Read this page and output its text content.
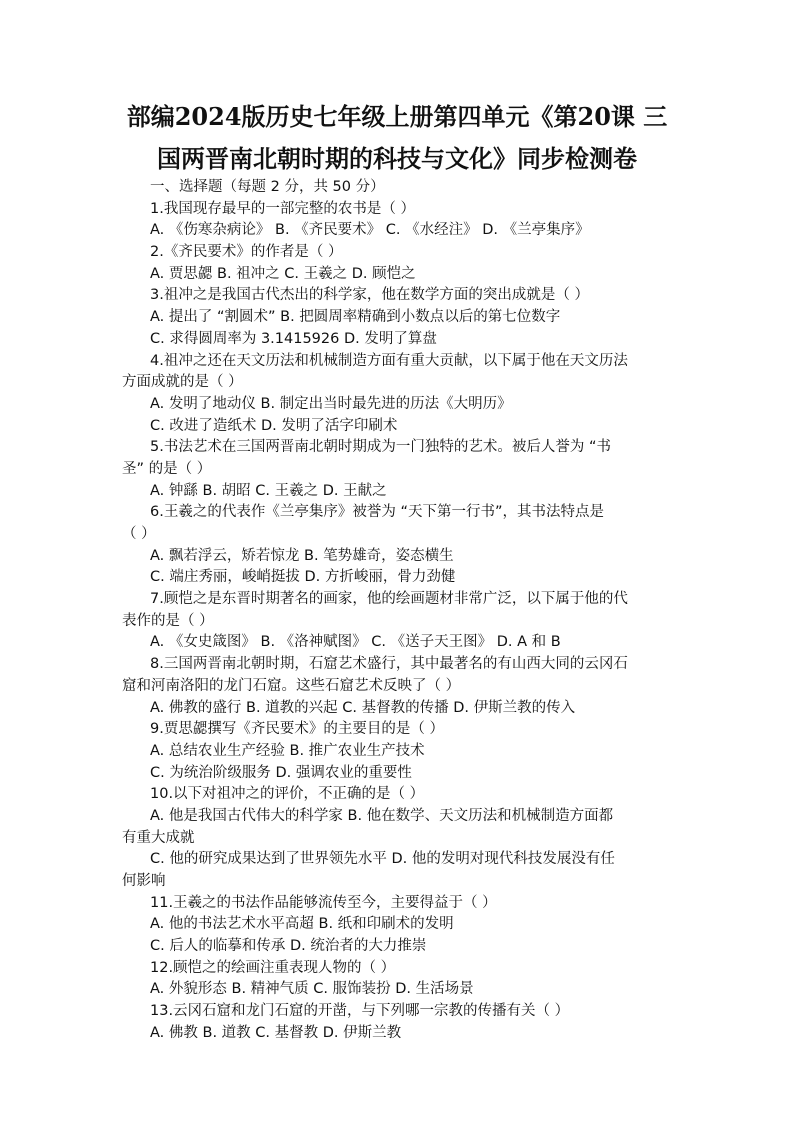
部编2024版历史七年级上册第四单元《第20课 三
国两晋南北朝时期的科技与文化》同步检测卷
一、选择题（每题 2 分，共 50 分）
1.我国现存最早的一部完整的农书是（ ）
A. 《伤寒杂病论》 B. 《齐民要术》 C. 《水经注》 D. 《兰亭集序》
2.《齐民要术》的作者是（ ）
A. 贾思勰 B. 祖冲之 C. 王羲之 D. 顾恺之
3.祖冲之是我国古代杰出的科学家，他在数学方面的突出成就是（ ）
A. 提出了 “割圆术” B. 把圆周率精确到小数点以后的第七位数字
C. 求得圆周率为 3.1415926 D. 发明了算盘
4.祖冲之还在天文历法和机械制造方面有重大贡献，以下属于他在天文历法
方面成就的是（ ）
A. 发明了地动仪 B. 制定出当时最先进的历法《大明历》
C. 改进了造纸术 D. 发明了活字印刷术
5.书法艺术在三国两晋南北朝时期成为一门独特的艺术。被后人誉为 “书
圣” 的是（ ）
A. 钟繇 B. 胡昭 C. 王羲之 D. 王献之
6.王羲之的代表作《兰亭集序》被誉为 “天下第一行书”，其书法特点是
（ ）
A. 飘若浮云，矫若惊龙 B. 笔势雄奇，姿态横生
C. 端庄秀丽，峻峭挺拔 D. 方折峻丽，骨力劲健
7.顾恺之是东晋时期著名的画家，他的绘画题材非常广泛，以下属于他的代
表作的是（ ）
A. 《女史箴图》 B. 《洛神赋图》 C. 《送子天王图》 D. A 和 B
8.三国两晋南北朝时期，石窟艺术盛行，其中最著名的有山西大同的云冈石
窟和河南洛阳的龙门石窟。这些石窟艺术反映了（ ）
A. 佛教的盛行 B. 道教的兴起 C. 基督教的传播 D. 伊斯兰教的传入
9.贾思勰撰写《齐民要术》的主要目的是（ ）
A. 总结农业生产经验 B. 推广农业生产技术
C. 为统治阶级服务 D. 强调农业的重要性
10.以下对祖冲之的评价，不正确的是（ ）
A. 他是我国古代伟大的科学家 B. 他在数学、天文历法和机械制造方面都
有重大成就
C. 他的研究成果达到了世界领先水平 D. 他的发明对现代科技发展没有任
何影响
11.王羲之的书法作品能够流传至今，主要得益于（ ）
A. 他的书法艺术水平高超 B. 纸和印刷术的发明
C. 后人的临摹和传承 D. 统治者的大力推崇
12.顾恺之的绘画注重表现人物的（ ）
A. 外貌形态 B. 精神气质 C. 服饰装扮 D. 生活场景
13.云冈石窟和龙门石窟的开凿，与下列哪一宗教的传播有关（ ）
A. 佛教 B. 道教 C. 基督教 D. 伊斯兰教
